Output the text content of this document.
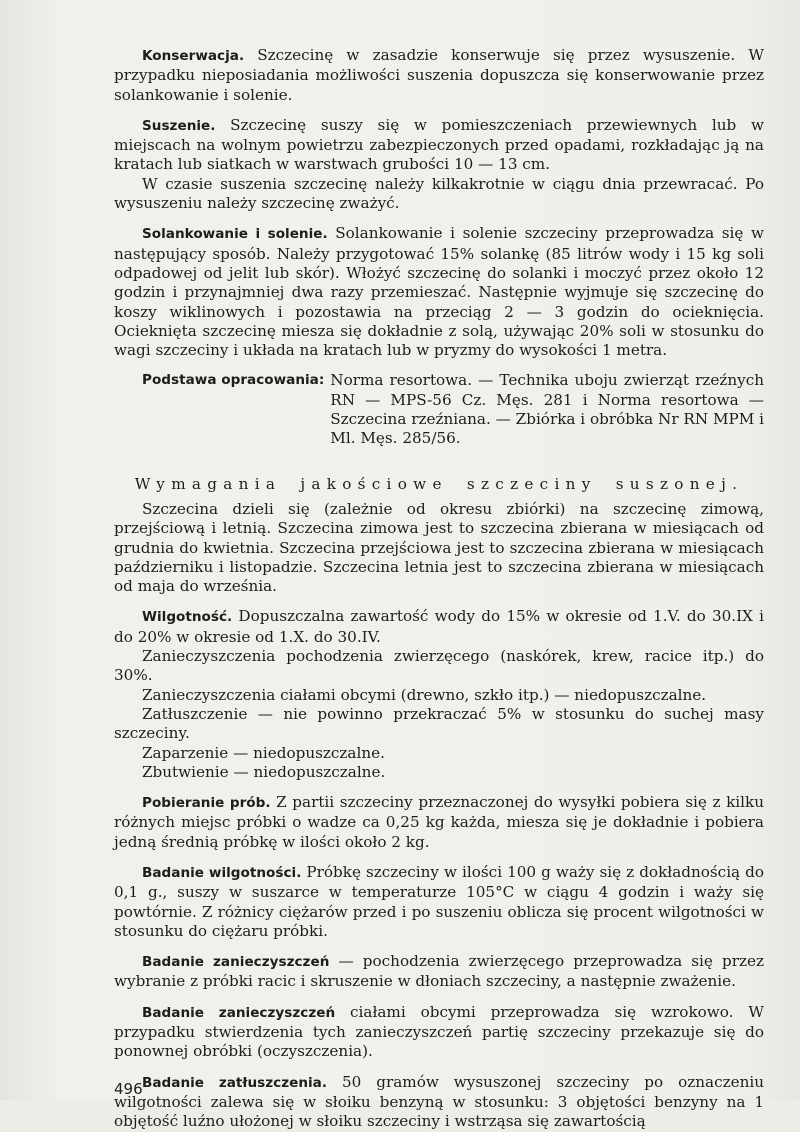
Konserwacja. Szczecinę w zasadzie konserwuje się przez wysuszenie. W przypadku nieposiadania możliwości suszenia dopuszcza się konserwowanie przez solankowanie i solenie.

Suszenie. Szczecinę suszy się w pomieszczeniach przewiewnych lub w miejscach na wolnym powietrzu zabezpieczonych przed opadami, rozkładając ją na kratach lub siatkach w warstwach grubości 10 — 13 cm.

W czasie suszenia szczecinę należy kilkakrotnie w ciągu dnia przewracać. Po wysuszeniu należy szczecinę zważyć.

Solankowanie i solenie. Solankowanie i solenie szczeciny przeprowadza się w następujący sposób. Należy przygotować 15% solankę (85 litrów wody i 15 kg soli odpadowej od jelit lub skór). Włożyć szczecinę do solanki i moczyć przez około 12 godzin i przynajmniej dwa razy przemieszać. Następnie wyjmuje się szczecinę do koszy wiklinowych i pozostawia na przeciąg 2 — 3 godzin do ocieknięcia. Ocieknięta szczecinę miesza się dokładnie z solą, używając 20% soli w stosunku do wagi szczeciny i układa na kratach lub w pryzmy do wysokości 1 metra.

Podstawa opracowania: Norma resortowa. — Technika uboju zwierząt rzeźnych RN — MPS-56 Cz. Męs. 281 i Norma resortowa — Szczecina rzeźniana. — Zbiórka i obróbka Nr RN MPM i Ml. Męs. 285/56.

Wymagania jakościowe szczeciny suszonej.

Szczecina dzieli się (zależnie od okresu zbiórki) na szczecinę zimową, przejściową i letnią. Szczecina zimowa jest to szczecina zbierana w miesiącach od grudnia do kwietnia. Szczecina przejściowa jest to szczecina zbierana w miesiącach październiku i listopadzie. Szczecina letnia jest to szczecina zbierana w miesiącach od maja do września.

Wilgotność. Dopuszczalna zawartość wody do 15% w okresie od 1.V. do 30.IX i do 20% w okresie od 1.X. do 30.IV.

Zanieczyszczenia pochodzenia zwierzęcego (naskórek, krew, racice itp.) do 30%.

Zanieczyszczenia ciałami obcymi (drewno, szkło itp.) — niedopuszczalne.

Zatłuszczenie — nie powinno przekraczać 5% w stosunku do suchej masy szczeciny.

Zaparzenie — niedopuszczalne.

Zbutwienie — niedopuszczalne.

Pobieranie prób. Z partii szczeciny przeznaczonej do wysyłki pobiera się z kilku różnych miejsc próbki o wadze ca 0,25 kg każda, miesza się je dokładnie i pobiera jedną średnią próbkę w ilości około 2 kg.

Badanie wilgotności. Próbkę szczeciny w ilości 100 g waży się z dokładnością do 0,1 g., suszy w suszarce w temperaturze 105°C w ciągu 4 godzin i waży się powtórnie. Z różnicy ciężarów przed i po suszeniu oblicza się procent wilgotności w stosunku do ciężaru próbki.

Badanie zanieczyszczeń — pochodzenia zwierzęcego przeprowadza się przez wybranie z próbki racic i skruszenie w dłoniach szczeciny, a następnie zważenie.

Badanie zanieczyszczeń ciałami obcymi przeprowadza się wzrokowo. W przypadku stwierdzenia tych zanieczyszczeń partię szczeciny przekazuje się do ponownej obróbki (oczyszczenia).

Badanie zatłuszczenia. 50 gramów wysuszonej szczeciny po oznaczeniu wilgotności zalewa się w słoiku benzyną w stosunku: 3 objętości benzyny na 1 objętość luźno ułożonej w słoiku szczeciny i wstrząsa się zawartością

496
